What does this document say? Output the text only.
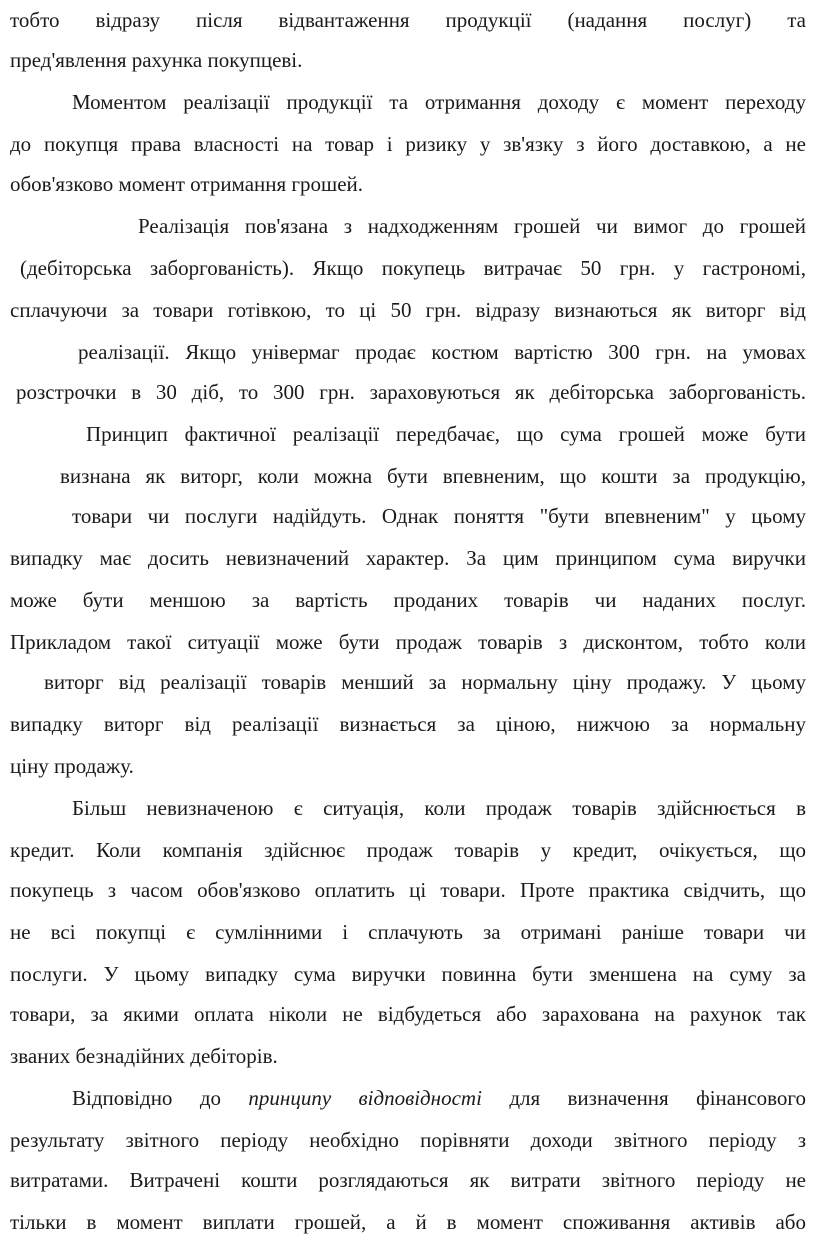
тобто відразу після відвантаження продукції (надання послуг) та
пред'явлення рахунка покупцеві.
Моментом реалізації продукції та отримання доходу є момент переходу
до покупця права власності на товар і ризику у зв'язку з його доставкою, а не
обов'язково момент отримання грошей.
Реалізація пов'язана з надходженням грошей чи вимог до грошей
(дебіторська заборгованість). Якщо покупець витрачає 50 грн. у гастрономі,
сплачуючи за товари готівкою, то ці 50 грн. відразу визнаються як виторг від
реалізації. Якщо універмаг продає костюм вартістю 300 грн. на умовах
розстрочки в 30 діб, то 300 грн. зараховуються як дебіторська заборгованість.
Принцип фактичної реалізації передбачає, що сума грошей може бути
визнана як виторг, коли можна бути впевненим, що кошти за продукцію,
товари чи послуги надійдуть. Однак поняття "бути впевненим" у цьому
випадку має досить невизначений характер. За цим принципом сума виручки
може бути меншою за вартість проданих товарів чи наданих послуг.
Прикладом такої ситуації може бути продаж товарів з дисконтом, тобто коли
виторг від реалізації товарів менший за нормальну ціну продажу. У цьому
випадку виторг від реалізації визнається за ціною, нижчою за нормальну
ціну продажу.
Більш невизначеною є ситуація, коли продаж товарів здійснюється в
кредит. Коли компанія здійснює продаж товарів у кредит, очікується, що
покупець з часом обов'язково оплатить ці товари. Проте практика свідчить, що
не всі покупці є сумлінними і сплачують за отримані раніше товари чи
послуги. У цьому випадку сума виручки повинна бути зменшена на суму за
товари, за якими оплата ніколи не відбудеться або зарахована на рахунок так
званих безнадійних дебіторів.
Відповідно до принципу відповідності для визначення фінансового
результату звітного періоду необхідно порівняти доходи звітного періоду з
витратами. Витрачені кошти розглядаються як витрати звітного періоду не
тільки в момент виплати грошей, а й в момент споживання активів або
